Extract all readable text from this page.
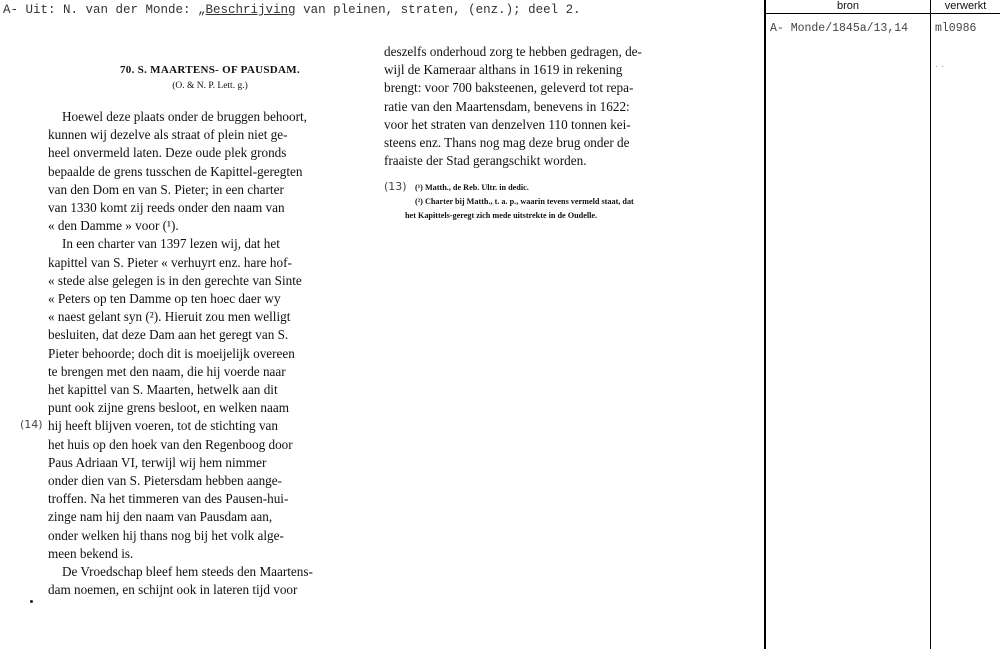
A- Uit: N. van der Monde: „Beschrijving van pleinen, straten, (enz.); deel 2.
70. S. MAARTENS- OF PAUSDAM.
(O. & N. P. Lett. g.)
Hoewel deze plaats onder de bruggen behoort,
kunnen wij dezelve als straat of plein niet ge-
heel onvermeld laten. Deze oude plek gronds
bepaalde de grens tusschen de Kapittel-geregten
van den Dom en van S. Pieter; in een charter
van 1330 komt zij reeds onder den naam van
« den Damme » voor (¹).
In een charter van 1397 lezen wij, dat het
kapittel van S. Pieter « verhuyrt enz. hare hof-
« stede alse gelegen is in den gerechte van Sinte
« Peters op ten Damme op ten hoec daer wy
« naest gelant syn (²). Hieruit zou men welligt
besluiten, dat deze Dam aan het geregt van S.
Pieter behoorde; doch dit is moeijelijk overeen
te brengen met den naam, die hij voerde naar
het kapittel van S. Maarten, hetwelk aan dit
punt ook zijne grens besloot, en welken naam
hij heeft blijven voeren, tot de stichting van
het huis op den hoek van den Regenboog door
Paus Adriaan VI, terwijl wij hem nimmer
onder dien van S. Pietersdam hebben aange-
troffen. Na het timmeren van des Pausen-hui-
zinge nam hij den naam van Pausdam aan,
onder welken hij thans nog bij het volk alge-
meen bekend is.
De Vroedschap bleef hem steeds den Maartens-
dam noemen, en schijnt ook in lateren tijd voor
deszelfs onderhoud zorg te hebben gedragen, de-
wijl de Kameraar althans in 1619 in rekening
brengt: voor 700 baksteenen, geleverd tot repa-
ratie van den Maartensdam, benevens in 1622:
voor het straten van denzelven 110 tonnen kei-
steens enz. Thans nog mag deze brug onder de
fraaiste der Stad gerangschikt worden.
(¹) Matth., de Reb. Ultr. in dedic.
(²) Charter bij Matth., t. a. p., waarin tevens vermeld staat, dat
het Kapittels-geregt zich mede uitstrekte in de Oudelle.
(14)
(13)
bron	verwerkt
A- Monde/1845a/13,14 ml0986
· ·
